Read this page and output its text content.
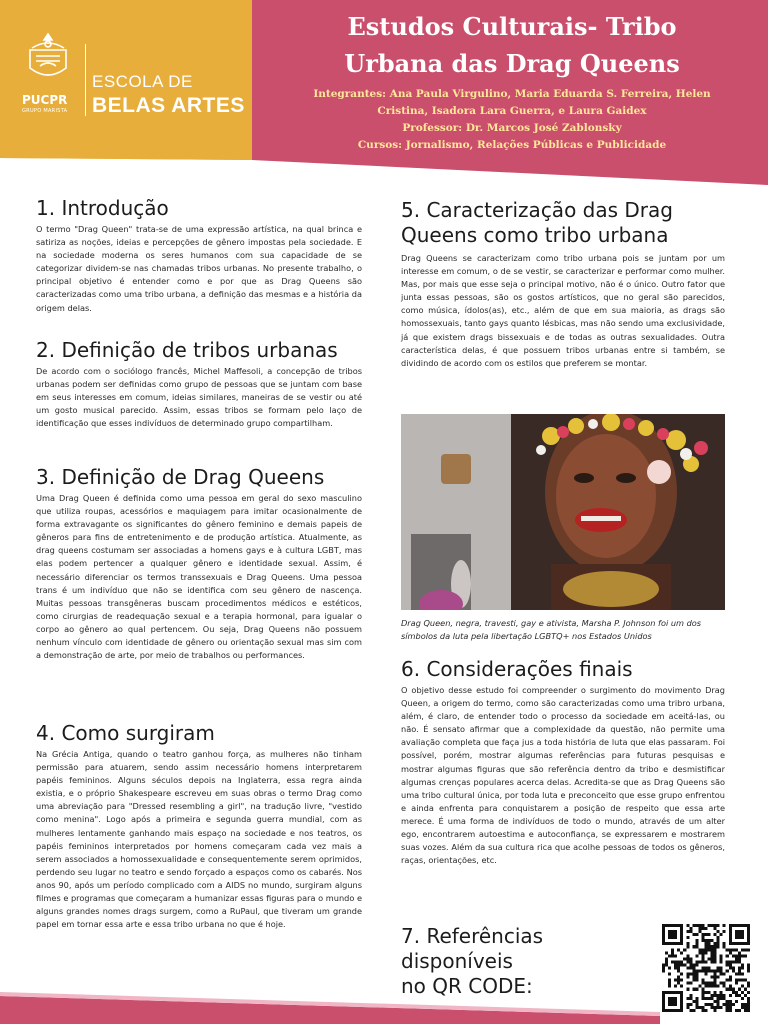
PUCPR
GRUPO MARISTA
ESCOLA DE
BELAS ARTES
Estudos Culturais- Tribo
Urbana das Drag Queens
Integrantes: Ana Paula Virgulino, Maria Eduarda S. Ferreira, Helen
Cristina, Isadora Lara Guerra, e Laura Gaidex
Professor: Dr. Marcos José Zablonsky
Cursos: Jornalismo, Relações Públicas e Publicidade
1. Introdução

O termo "Drag Queen" trata-se de uma expressão artística, na qual brinca e satiriza as noções, ideias e percepções de gênero impostas pela sociedade. E na sociedade moderna os seres humanos com sua capacidade de se categorizar dividem-se nas chamadas tribos urbanas. No presente trabalho, o principal objetivo é entender como e por que as Drag Queens são caracterizadas como uma tribo urbana, a definição das mesmas e a história da origem delas.

2. Definição de tribos urbanas

De acordo com o sociólogo francês, Michel Maffesoli, a concepção de tribos urbanas podem ser definidas como grupo de pessoas que se juntam com base em seus interesses em comum, ideias similares, maneiras de se vestir ou até um gosto musical parecido. Assim, essas tribos se formam pelo laço de identificação que esses indivíduos de determinado grupo compartilham.

3. Definição de Drag Queens

Uma Drag Queen é definida como uma pessoa em geral do sexo masculino que utiliza roupas, acessórios e maquiagem para imitar ocasionalmente de forma extravagante os significantes do gênero feminino e demais papeis de gêneros para fins de entretenimento e de produção artística. Atualmente, as drag queens costumam ser associadas a homens gays e à cultura LGBT, mas elas podem pertencer a qualquer gênero e identidade sexual. Assim, é necessário diferenciar os termos transsexuais e Drag Queens. Uma pessoa trans é um indivíduo que não se identifica com seu gênero de nascença. Muitas pessoas transgêneras buscam procedimentos médicos e estéticos, como cirurgias de readequação sexual e a terapia hormonal, para igualar o corpo ao gênero ao qual pertencem. Ou seja, Drag Queens não possuem nenhum vínculo com identidade de gênero ou orientação sexual mas sim com a demonstração de arte, por meio de trabalhos ou performances.

4. Como surgiram

Na Grécia Antiga, quando o teatro ganhou força, as mulheres não tinham permissão para atuarem, sendo assim necessário homens interpretarem papéis femininos. Alguns séculos depois na Inglaterra, essa regra ainda existia, e o próprio Shakespeare escreveu em suas obras o termo Drag como uma abreviação para "Dressed resembling a girl", na tradução livre, "vestido como menina". Logo após a primeira e segunda guerra mundial, com as mulheres lentamente ganhando mais espaço na sociedade e nos teatros, os papéis femininos interpretados por homens começaram cada vez mais a serem associados a homossexualidade e consequentemente serem oprimidos, perdendo seu lugar no teatro e sendo forçado a espaços como os cabarés. Nos anos 90, após um período complicado com a AIDS no mundo, surgiram alguns filmes e programas que começaram a humanizar essas figuras para o mundo e alguns grandes nomes drags surgem, como a RuPaul, que tiveram um grande papel em tornar essa arte e essa tribo urbana no que é hoje.

5. Caracterização das Drag Queens como tribo urbana

Drag Queens se caracterizam como tribo urbana pois se juntam por um interesse em comum, o de se vestir, se caracterizar e performar como mulher. Mas, por mais que esse seja o principal motivo, não é o único. Outro fator que junta essas pessoas, são os gostos artísticos, que no geral são parecidos, como música, ídolos(as), etc., além de que em sua maioria, as drags são homossexuais, tanto gays quanto lésbicas, mas não sendo uma exclusividade, já que existem drags bissexuais e de todas as outras sexualidades. Outra característica delas, é que possuem tribos urbanas entre si também, se dividindo de acordo com os estilos que preferem se montar.

Drag Queen, negra, travesti, gay e ativista, Marsha P. Johnson foi um dos símbolos da luta pela libertação LGBTQ+ nos Estados Unidos
6. Considerações finais

O objetivo desse estudo foi compreender o surgimento do movimento Drag Queen, a origem do termo, como são caracterizadas como uma tribro urbana, além, é claro, de entender todo o processo da sociedade em aceitá-las, ou não. É sensato afirmar que a complexidade da questão, não permite uma avaliação completa que faça jus a toda história de luta que elas passaram. Foi possível, porém, mostrar algumas referências para futuras pesquisas e mostrar algumas figuras que são referência dentro da tribo e desmistificar algumas crenças populares acerca delas. Acredita-se que as Drag Queens são uma tribo cultural única, por toda luta e preconceito que esse grupo enfrentou e ainda enfrenta para conquistarem a posição de respeito que essa arte merece. É uma forma de indivíduos de todo o mundo, através de um alter ego, encontrarem autoestima e autoconfiança, se expressarem e mostrarem suas vozes. Além da sua cultura rica que acolhe pessoas de todos os gêneros, raças, orientações, etc.

7. Referências disponíveis
no QR CODE:
